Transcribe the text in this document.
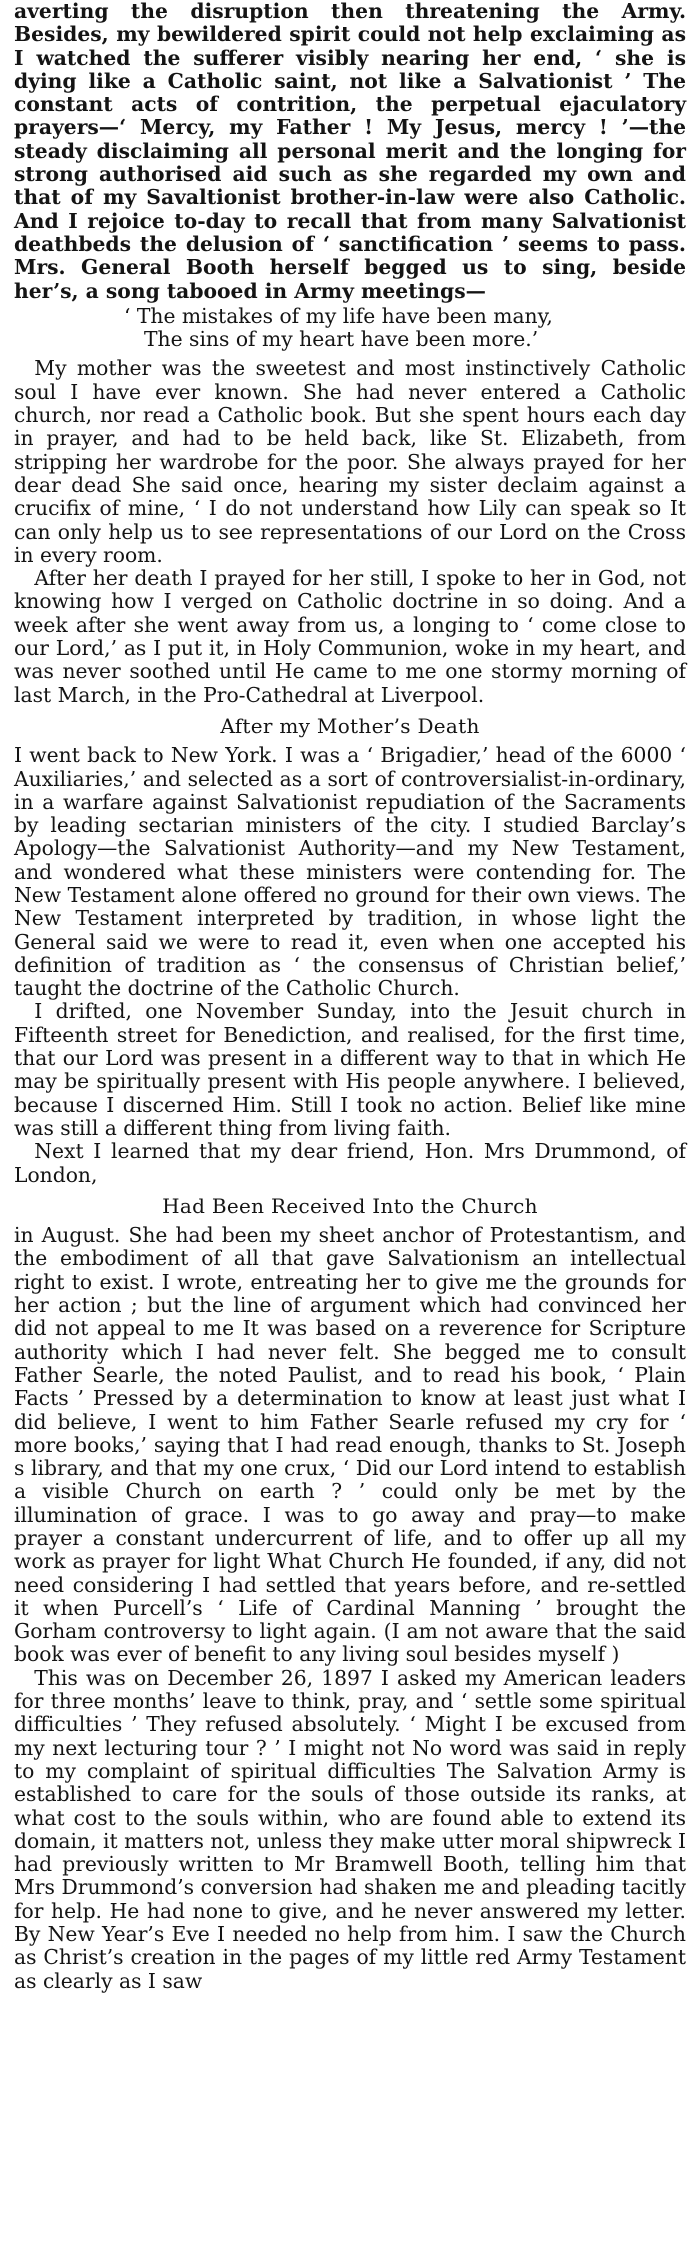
averting the disruption then threatening the Army. Besides, my bewildered spirit could not help exclaiming as I watched the sufferer visibly nearing her end, ‘ she is dying like a Catholic saint, not like a Salvationist ’ The constant acts of contrition, the perpetual ejaculatory prayers—‘ Mercy, my Father ! My Jesus, mercy ! ’—the steady disclaiming all personal merit and the longing for strong authorised aid such as she regarded my own and that of my Savaltionist brother-in-law were also Catholic. And I rejoice to-day to recall that from many Salvationist deathbeds the delusion of ‘ sanctification ’ seems to pass. Mrs. General Booth herself begged us to sing, beside her’s, a song tabooed in Army meetings—

‘ The mistakes of my life have been many,
The sins of my heart have been more.’

My mother was the sweetest and most instinctively Catholic soul I have ever known. She had never entered a Catholic church, nor read a Catholic book. But she spent hours each day in prayer, and had to be held back, like St. Elizabeth, from stripping her wardrobe for the poor. She always prayed for her dear dead She said once, hearing my sister declaim against a crucifix of mine, ‘ I do not understand how Lily can speak so It can only help us to see representations of our Lord on the Cross in every room.

After her death I prayed for her still, I spoke to her in God, not knowing how I verged on Catholic doctrine in so doing. And a week after she went away from us, a longing to ‘ come close to our Lord,’ as I put it, in Holy Communion, woke in my heart, and was never soothed until He came to me one stormy morning of last March, in the Pro-Cathedral at Liverpool.

After my Mother’s Death

I went back to New York. I was a ‘ Brigadier,’ head of the 6000 ‘ Auxiliaries,’ and selected as a sort of controversialist-in-ordinary, in a warfare against Salvationist repudiation of the Sacraments by leading sectarian ministers of the city. I studied Barclay’s Apology—the Salvationist Authority—and my New Testament, and wondered what these ministers were contending for. The New Testament alone offered no ground for their own views. The New Testament interpreted by tradition, in whose light the General said we were to read it, even when one accepted his definition of tradition as ‘ the consensus of Christian belief,’ taught the doctrine of the Catholic Church.

I drifted, one November Sunday, into the Jesuit church in Fifteenth street for Benediction, and realised, for the first time, that our Lord was present in a different way to that in which He may be spiritually present with His people anywhere. I believed, because I discerned Him. Still I took no action. Belief like mine was still a different thing from living faith.

Next I learned that my dear friend, Hon. Mrs Drummond, of London,

Had Been Received Into the Church

in August. She had been my sheet anchor of Protestantism, and the embodiment of all that gave Salvationism an intellectual right to exist. I wrote, entreating her to give me the grounds for her action ; but the line of argument which had convinced her did not appeal to me It was based on a reverence for Scripture authority which I had never felt. She begged me to consult Father Searle, the noted Paulist, and to read his book, ‘ Plain Facts ’ Pressed by a determination to know at least just what I did believe, I went to him Father Searle refused my cry for ‘ more books,’ saying that I had read enough, thanks to St. Joseph s library, and that my one crux, ‘ Did our Lord intend to establish a visible Church on earth ? ’ could only be met by the illumination of grace. I was to go away and pray—to make prayer a constant undercurrent of life, and to offer up all my work as prayer for light What Church He founded, if any, did not need considering I had settled that years before, and re-settled it when Purcell’s ‘ Life of Cardinal Manning ’ brought the Gorham controversy to light again. (I am not aware that the said book was ever of benefit to any living soul besides myself )

This was on December 26, 1897 I asked my American leaders for three months’ leave to think, pray, and ‘ settle some spiritual difficulties ’ They refused absolutely. ‘ Might I be excused from my next lecturing tour ? ’ I might not No word was said in reply to my complaint of spiritual difficulties The Salvation Army is established to care for the souls of those outside its ranks, at what cost to the souls within, who are found able to extend its domain, it matters not, unless they make utter moral shipwreck I had previously written to Mr Bramwell Booth, telling him that Mrs Drummond’s conversion had shaken me and pleading tacitly for help. He had none to give, and he never answered my letter. By New Year’s Eve I needed no help from him. I saw the Church as Christ’s creation in the pages of my little red Army Testament as clearly as I saw
